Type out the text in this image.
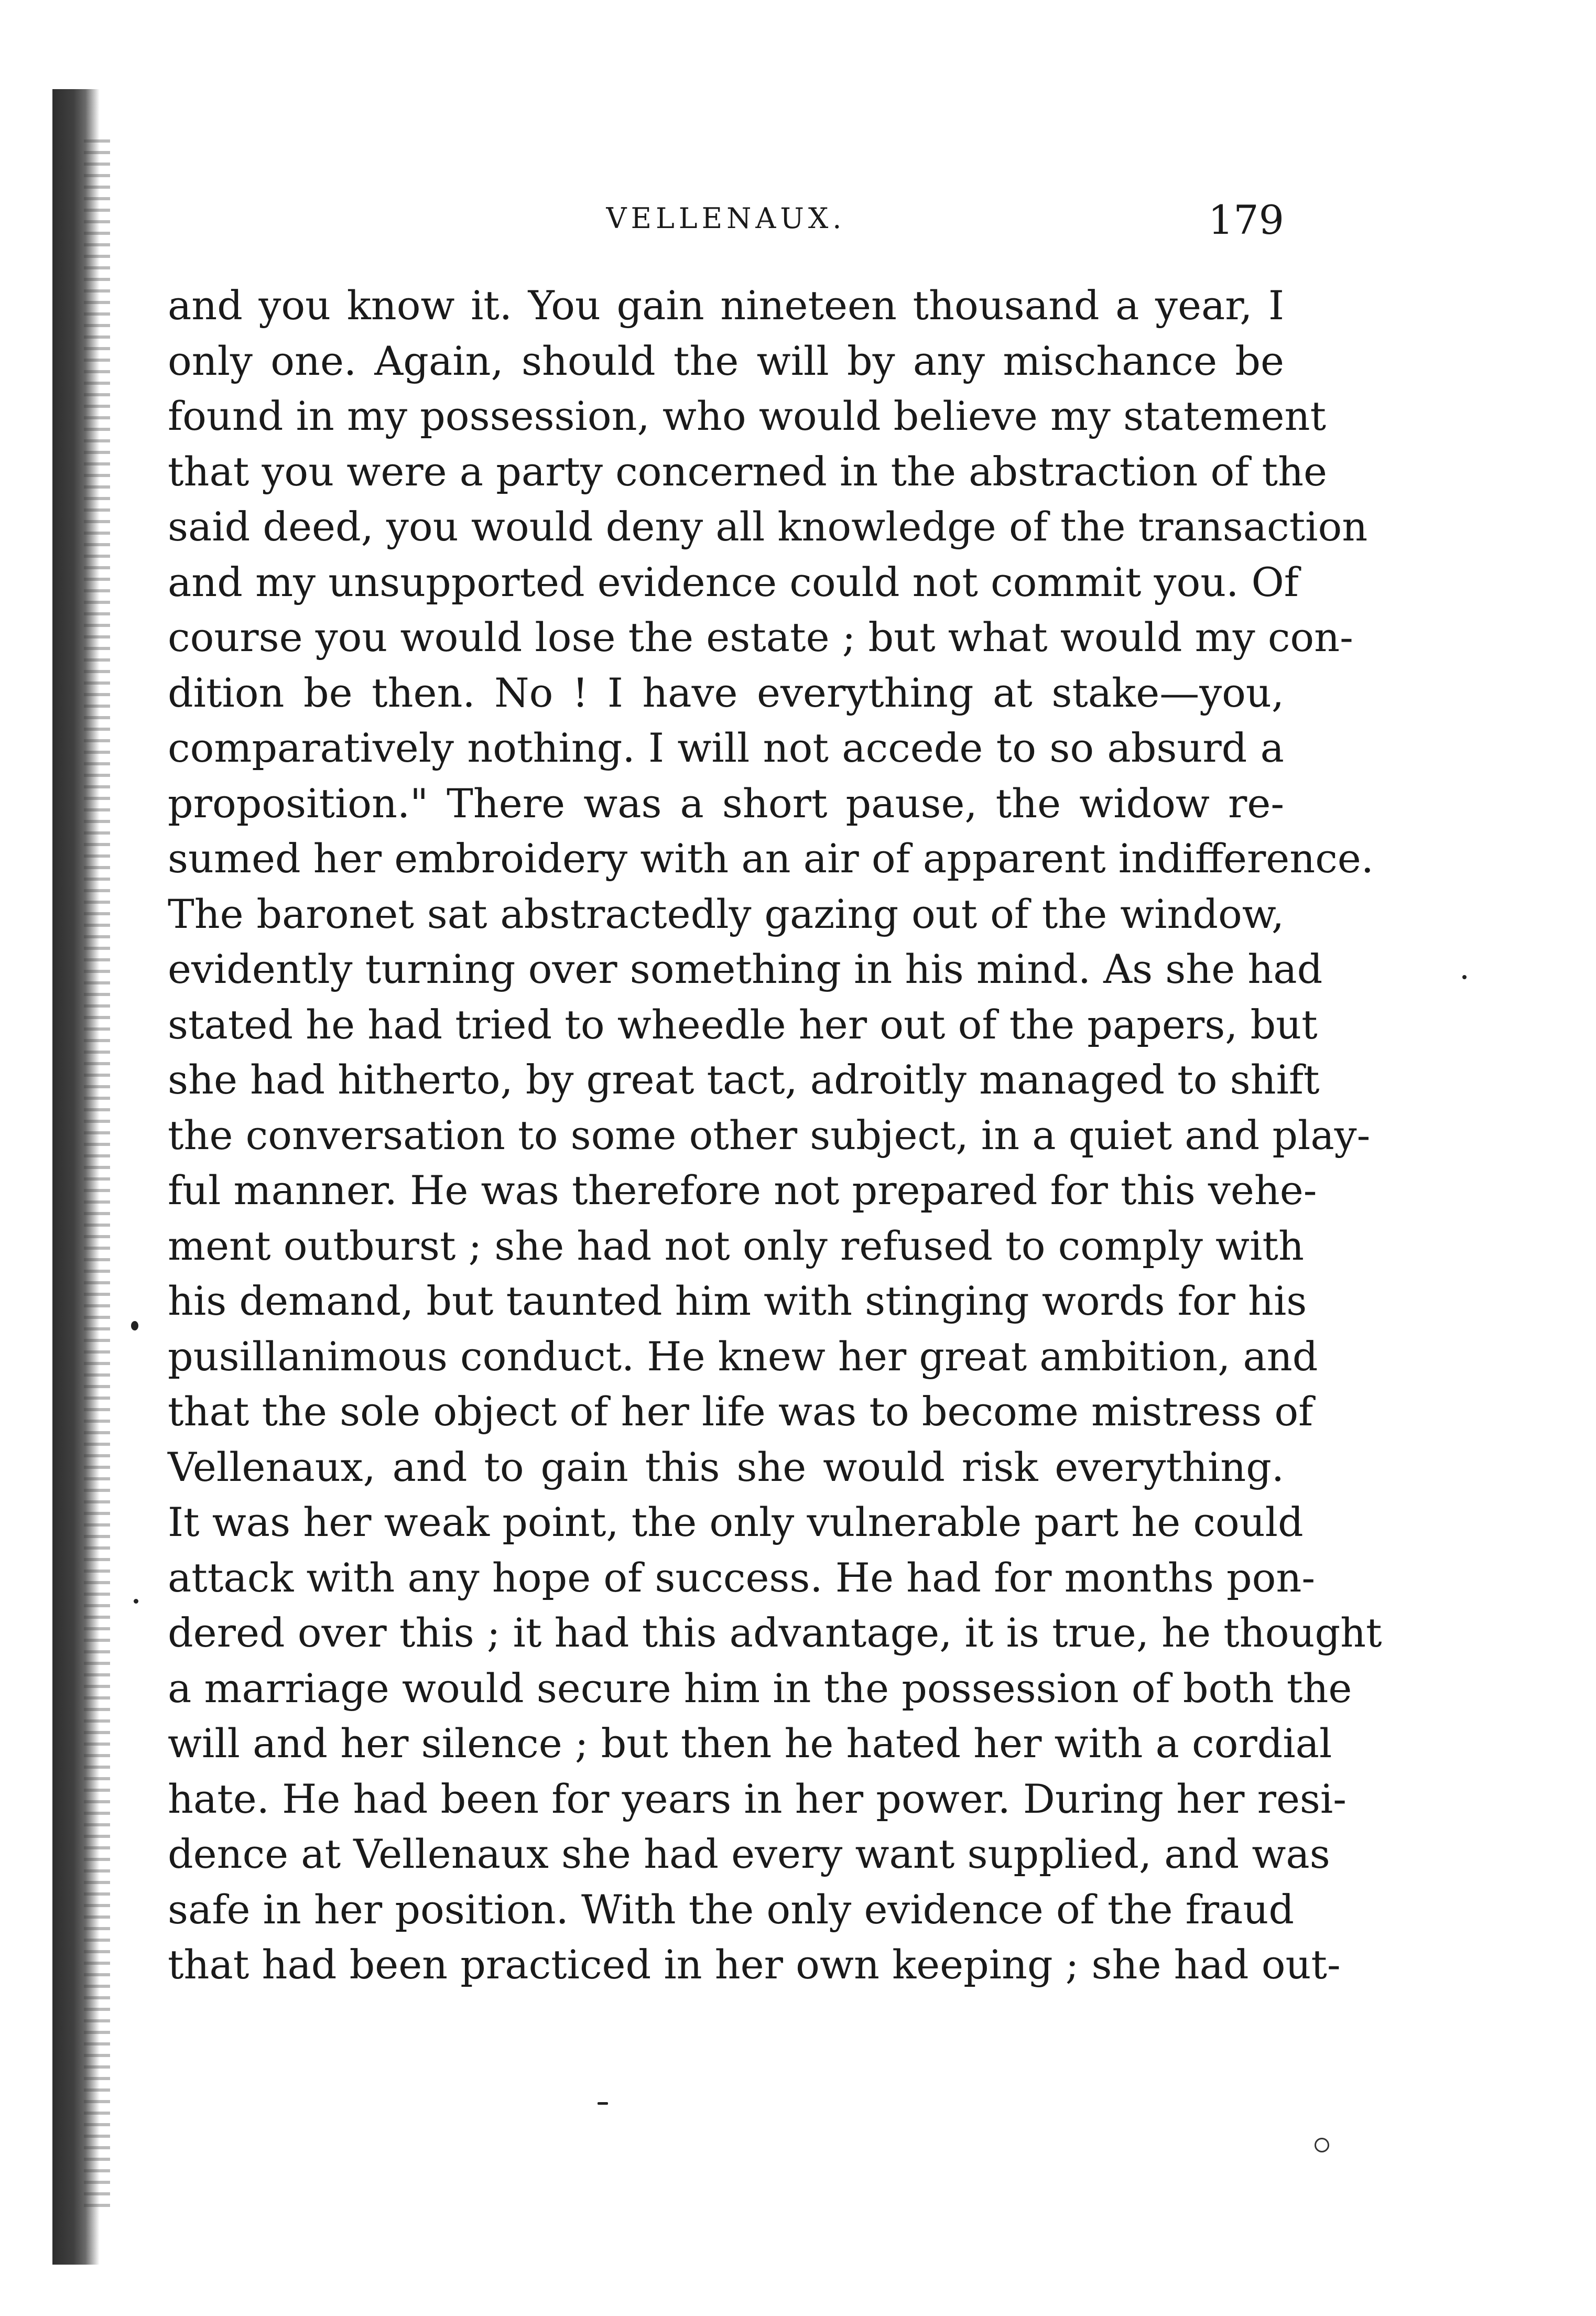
VELLENAUX.	179
and you know it. You gain nineteen thousand a year, I
only one. Again, should the will by any mischance be
found in my possession, who would believe my statement
that you were a party concerned in the abstraction of the
said deed, you would deny all knowledge of the transaction
and my unsupported evidence could not commit you. Of
course you would lose the estate ; but what would my con-
dition be then. No ! I have everything at stake—you,
comparatively nothing. I will not accede to so absurd a
proposition." There was a short pause, the widow re-
sumed her embroidery with an air of apparent indifference.
The baronet sat abstractedly gazing out of the window,
evidently turning over something in his mind. As she had
stated he had tried to wheedle her out of the papers, but
she had hitherto, by great tact, adroitly managed to shift
the conversation to some other subject, in a quiet and play-
ful manner. He was therefore not prepared for this vehe-
ment outburst ; she had not only refused to comply with
his demand, but taunted him with stinging words for his
pusillanimous conduct. He knew her great ambition, and
that the sole object of her life was to become mistress of
Vellenaux, and to gain this she would risk everything.
It was her weak point, the only vulnerable part he could
attack with any hope of success. He had for months pon-
dered over this ; it had this advantage, it is true, he thought
a marriage would secure him in the possession of both the
will and her silence ; but then he hated her with a cordial
hate. He had been for years in her power. During her resi-
dence at Vellenaux she had every want supplied, and was
safe in her position. With the only evidence of the fraud
that had been practiced in her own keeping ; she had out-
